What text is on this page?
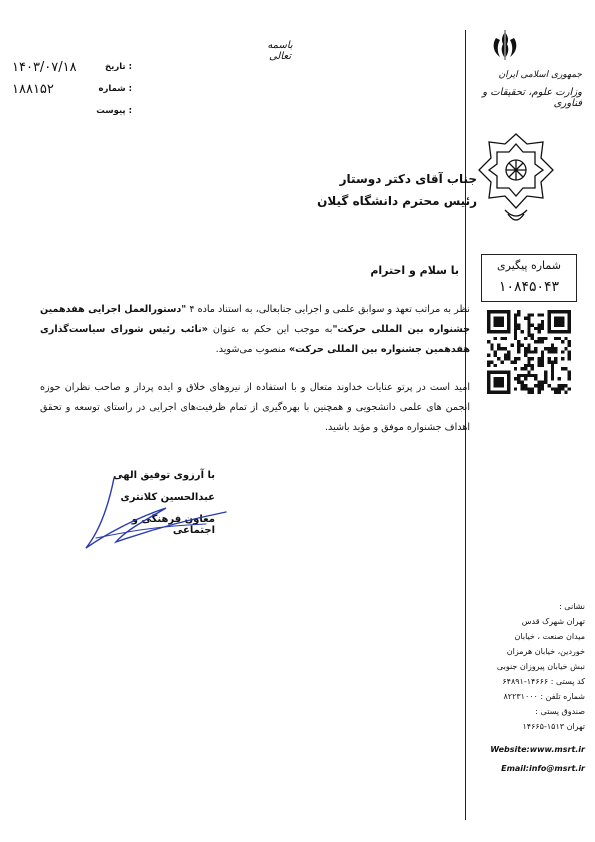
باسمه تعالی
۱۴۰۳/۰۷/۱۸	تاریخ :
۱۸۸۱۵۲	شماره :
پیوست :
جمهوری اسلامی ایران
وزارت علوم، تحقیقات و فناوری
شماره پیگیری
۱۰۸۴۵۰۴۳
جناب آقای دکتر دوستار
رئیس محترم دانشگاه گیلان
با سلام و احترام
نظر به مراتب تعهد و سوابق علمی و اجرایی جنابعالی، به استناد ماده ۴ "دستورالعمل اجرایی هفدهمین جشنواره بین المللی حرکت"به موجب این حکم به عنوان «نائب رئیس شورای سیاست‌گذاری هفدهمین جشنواره بین المللی حرکت» منصوب می‌شوید.
امید است در پرتو عنایات خداوند متعال و با استفاده از نیروهای خلاق و ایده پرداز و صاحب نظران حوزه انجمن های علمی دانشجویی و همچنین با بهره‌گیری از تمام ظرفیت‌های اجرایی در راستای توسعه و تحقق اهداف جشنواره موفق و مؤید باشید.
با آرزوی توفیق الهی
عبدالحسین کلانتری
معاون فرهنگی و اجتماعی
نشانی :
تهران شهرک قدس
میدان صنعت ، خیابان
خوردین، خیابان هرمزان
نبش خیابان پیروزان جنوبی
کد پستی : ۱۴۶۶۶-۶۴۸۹۱
شماره تلفن : ۸۲۲۳۱۰۰۰
صندوق پستی :
تهران ۱۵۱۳-۱۴۶۶۵
Website:www.msrt.ir
Email:info@msrt.ir
